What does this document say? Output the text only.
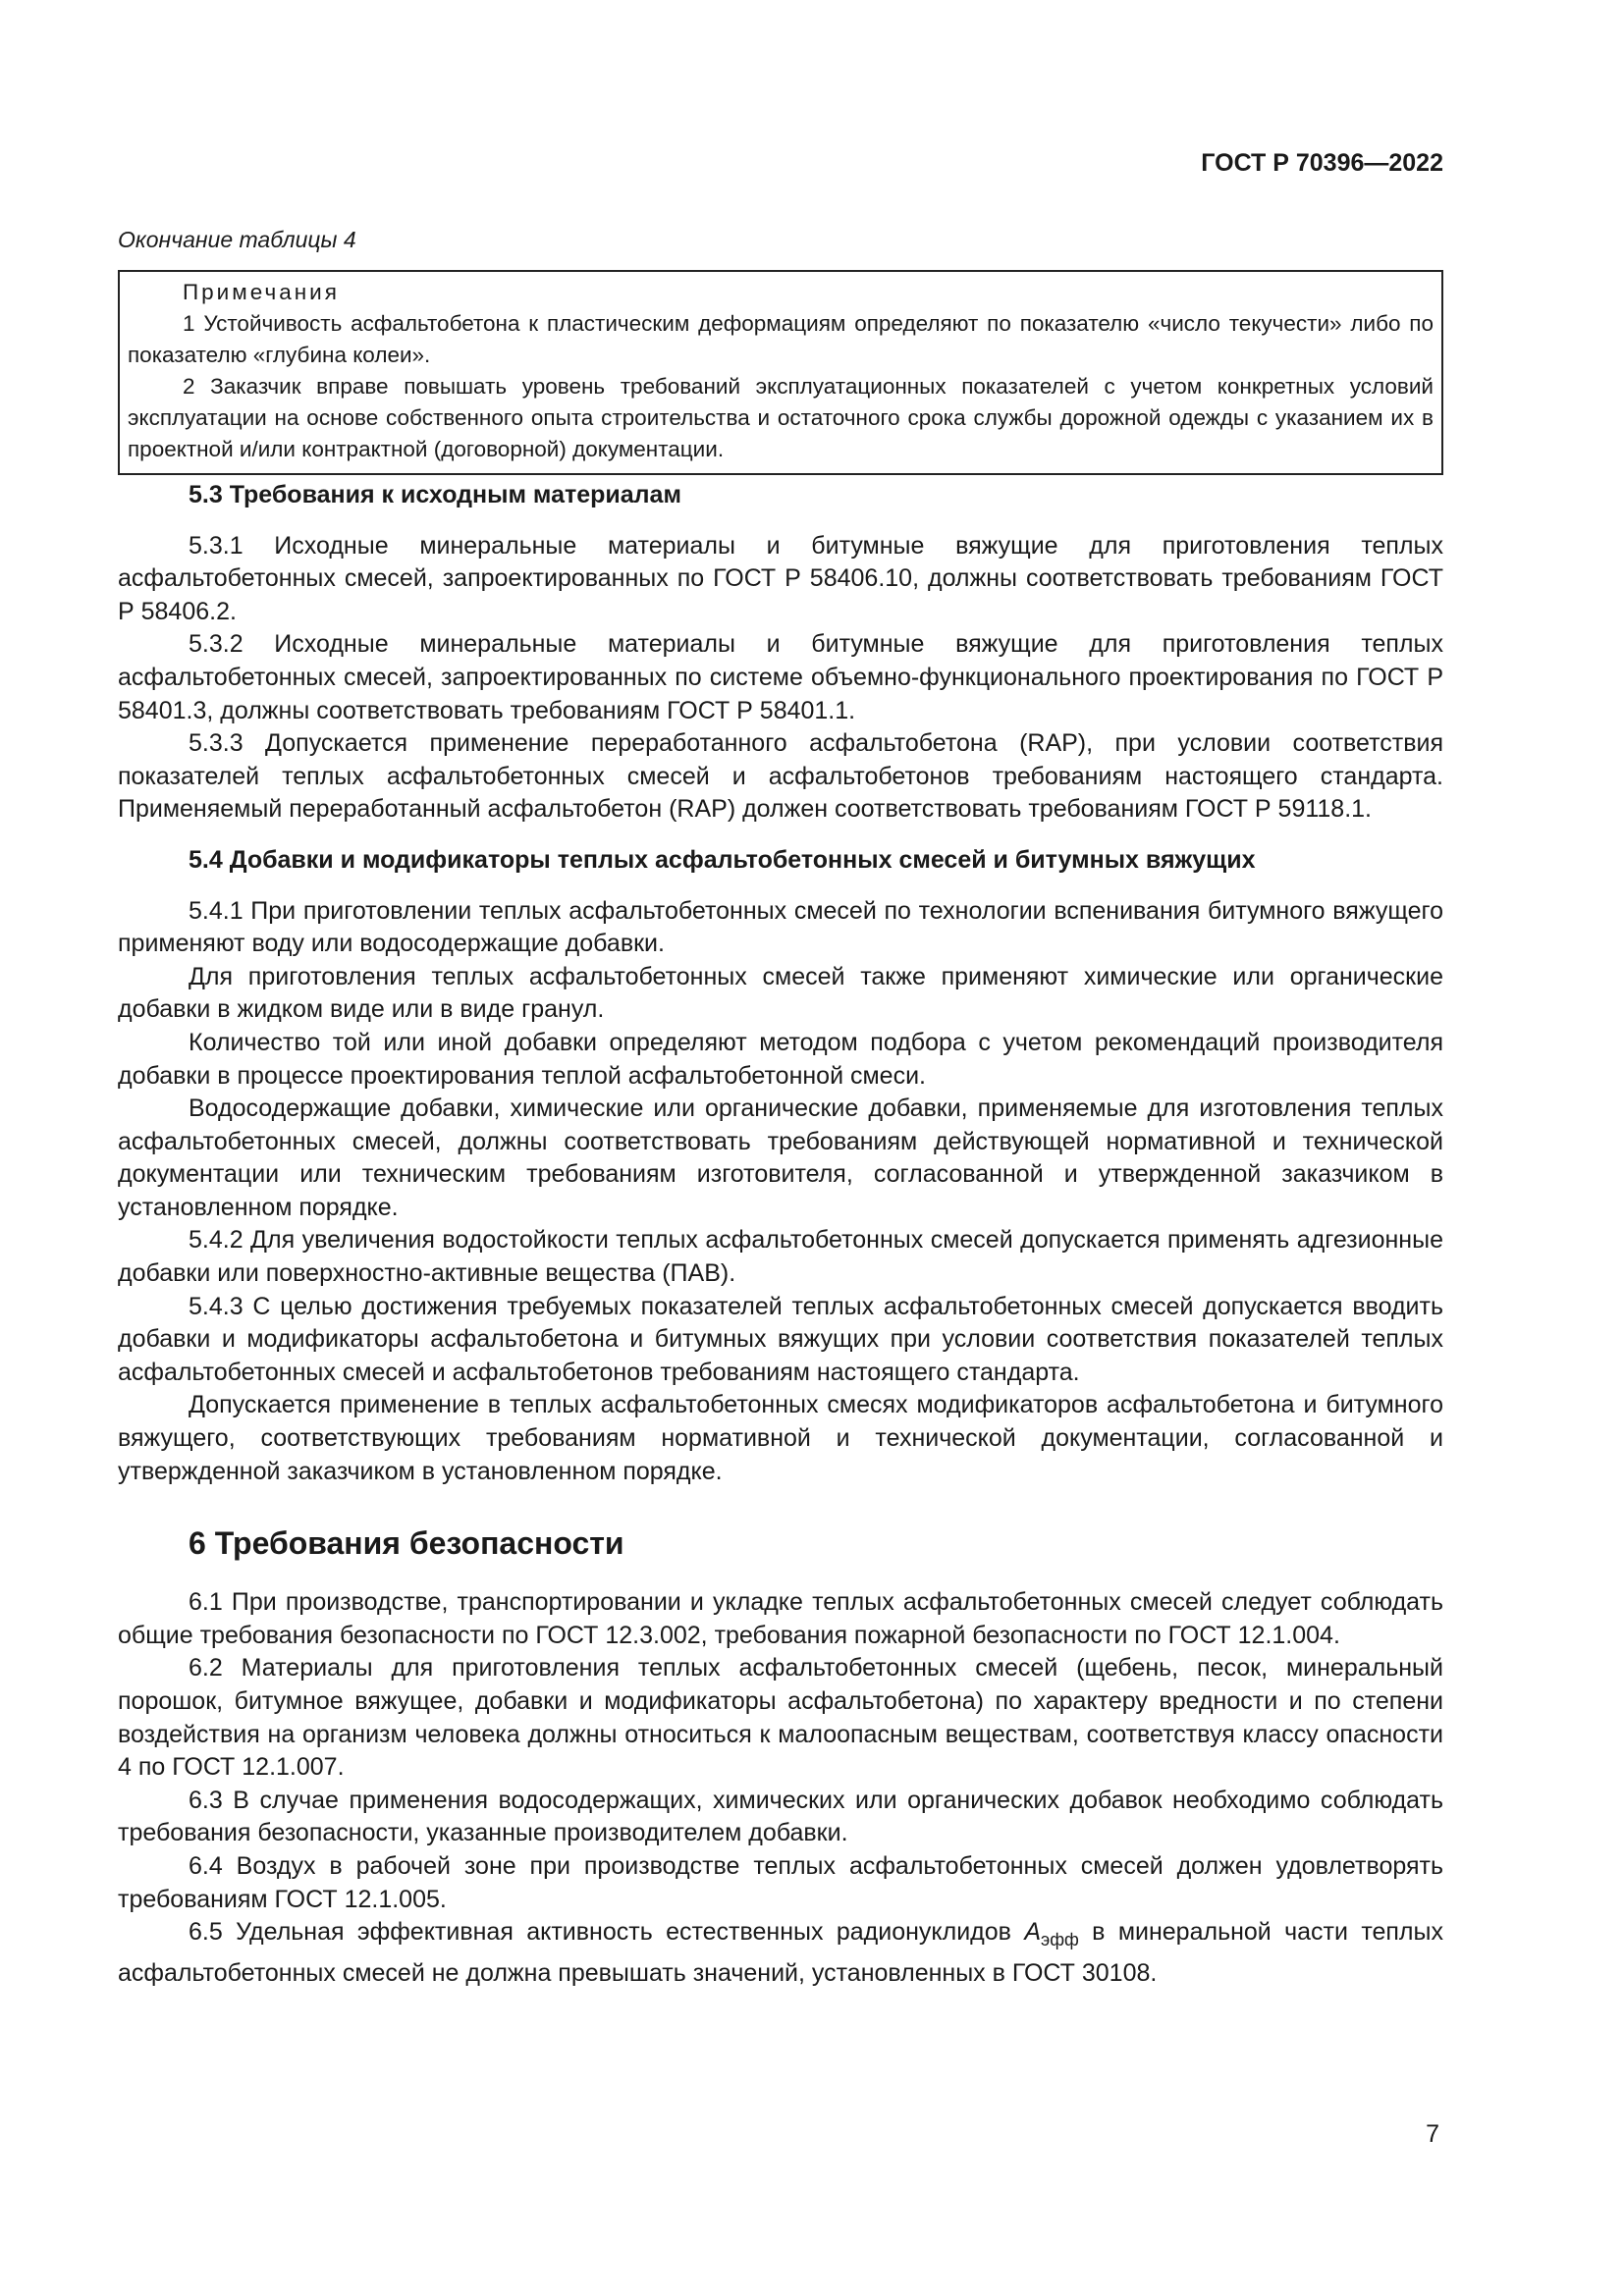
ГОСТ Р 70396—2022
Окончание таблицы 4
Примечания

1 Устойчивость асфальтобетона к пластическим деформациям определяют по показателю «число текучести» либо по показателю «глубина колеи».

2 Заказчик вправе повышать уровень требований эксплуатационных показателей с учетом конкретных условий эксплуатации на основе собственного опыта строительства и остаточного срока службы дорожной одежды с указанием их в проектной и/или контрактной (договорной) документации.

5.3 Требования к исходным материалам

5.3.1 Исходные минеральные материалы и битумные вяжущие для приготовления теплых асфальтобетонных смесей, запроектированных по ГОСТ Р 58406.10, должны соответствовать требованиям ГОСТ Р 58406.2.

5.3.2 Исходные минеральные материалы и битумные вяжущие для приготовления теплых асфальтобетонных смесей, запроектированных по системе объемно-функционального проектирования по ГОСТ Р 58401.3, должны соответствовать требованиям ГОСТ Р 58401.1.

5.3.3 Допускается применение переработанного асфальтобетона (RAP), при условии соответствия показателей теплых асфальтобетонных смесей и асфальтобетонов требованиям настоящего стандарта. Применяемый переработанный асфальтобетон (RAP) должен соответствовать требованиям ГОСТ Р 59118.1.

5.4 Добавки и модификаторы теплых асфальтобетонных смесей и битумных вяжущих

5.4.1 При приготовлении теплых асфальтобетонных смесей по технологии вспенивания битумного вяжущего применяют воду или водосодержащие добавки.

Для приготовления теплых асфальтобетонных смесей также применяют химические или органические добавки в жидком виде или в виде гранул.

Количество той или иной добавки определяют методом подбора с учетом рекомендаций производителя добавки в процессе проектирования теплой асфальтобетонной смеси.

Водосодержащие добавки, химические или органические добавки, применяемые для изготовления теплых асфальтобетонных смесей, должны соответствовать требованиям действующей нормативной и технической документации или техническим требованиям изготовителя, согласованной и утвержденной заказчиком в установленном порядке.

5.4.2 Для увеличения водостойкости теплых асфальтобетонных смесей допускается применять адгезионные добавки или поверхностно-активные вещества (ПАВ).

5.4.3 С целью достижения требуемых показателей теплых асфальтобетонных смесей допускается вводить добавки и модификаторы асфальтобетона и битумных вяжущих при условии соответствия показателей теплых асфальтобетонных смесей и асфальтобетонов требованиям настоящего стандарта.

Допускается применение в теплых асфальтобетонных смесях модификаторов асфальтобетона и битумного вяжущего, соответствующих требованиям нормативной и технической документации, согласованной и утвержденной заказчиком в установленном порядке.

6 Требования безопасности

6.1 При производстве, транспортировании и укладке теплых асфальтобетонных смесей следует соблюдать общие требования безопасности по ГОСТ 12.3.002, требования пожарной безопасности по ГОСТ 12.1.004.

6.2 Материалы для приготовления теплых асфальтобетонных смесей (щебень, песок, минеральный порошок, битумное вяжущее, добавки и модификаторы асфальтобетона) по характеру вредности и по степени воздействия на организм человека должны относиться к малоопасным веществам, соответствуя классу опасности 4 по ГОСТ 12.1.007.

6.3 В случае применения водосодержащих, химических или органических добавок необходимо соблюдать требования безопасности, указанные производителем добавки.

6.4 Воздух в рабочей зоне при производстве теплых асфальтобетонных смесей должен удовлетворять требованиям ГОСТ 12.1.005.

6.5 Удельная эффективная активность естественных радионуклидов $А_{эфф}$ в минеральной части теплых асфальтобетонных смесей не должна превышать значений, установленных в ГОСТ 30108.

7
